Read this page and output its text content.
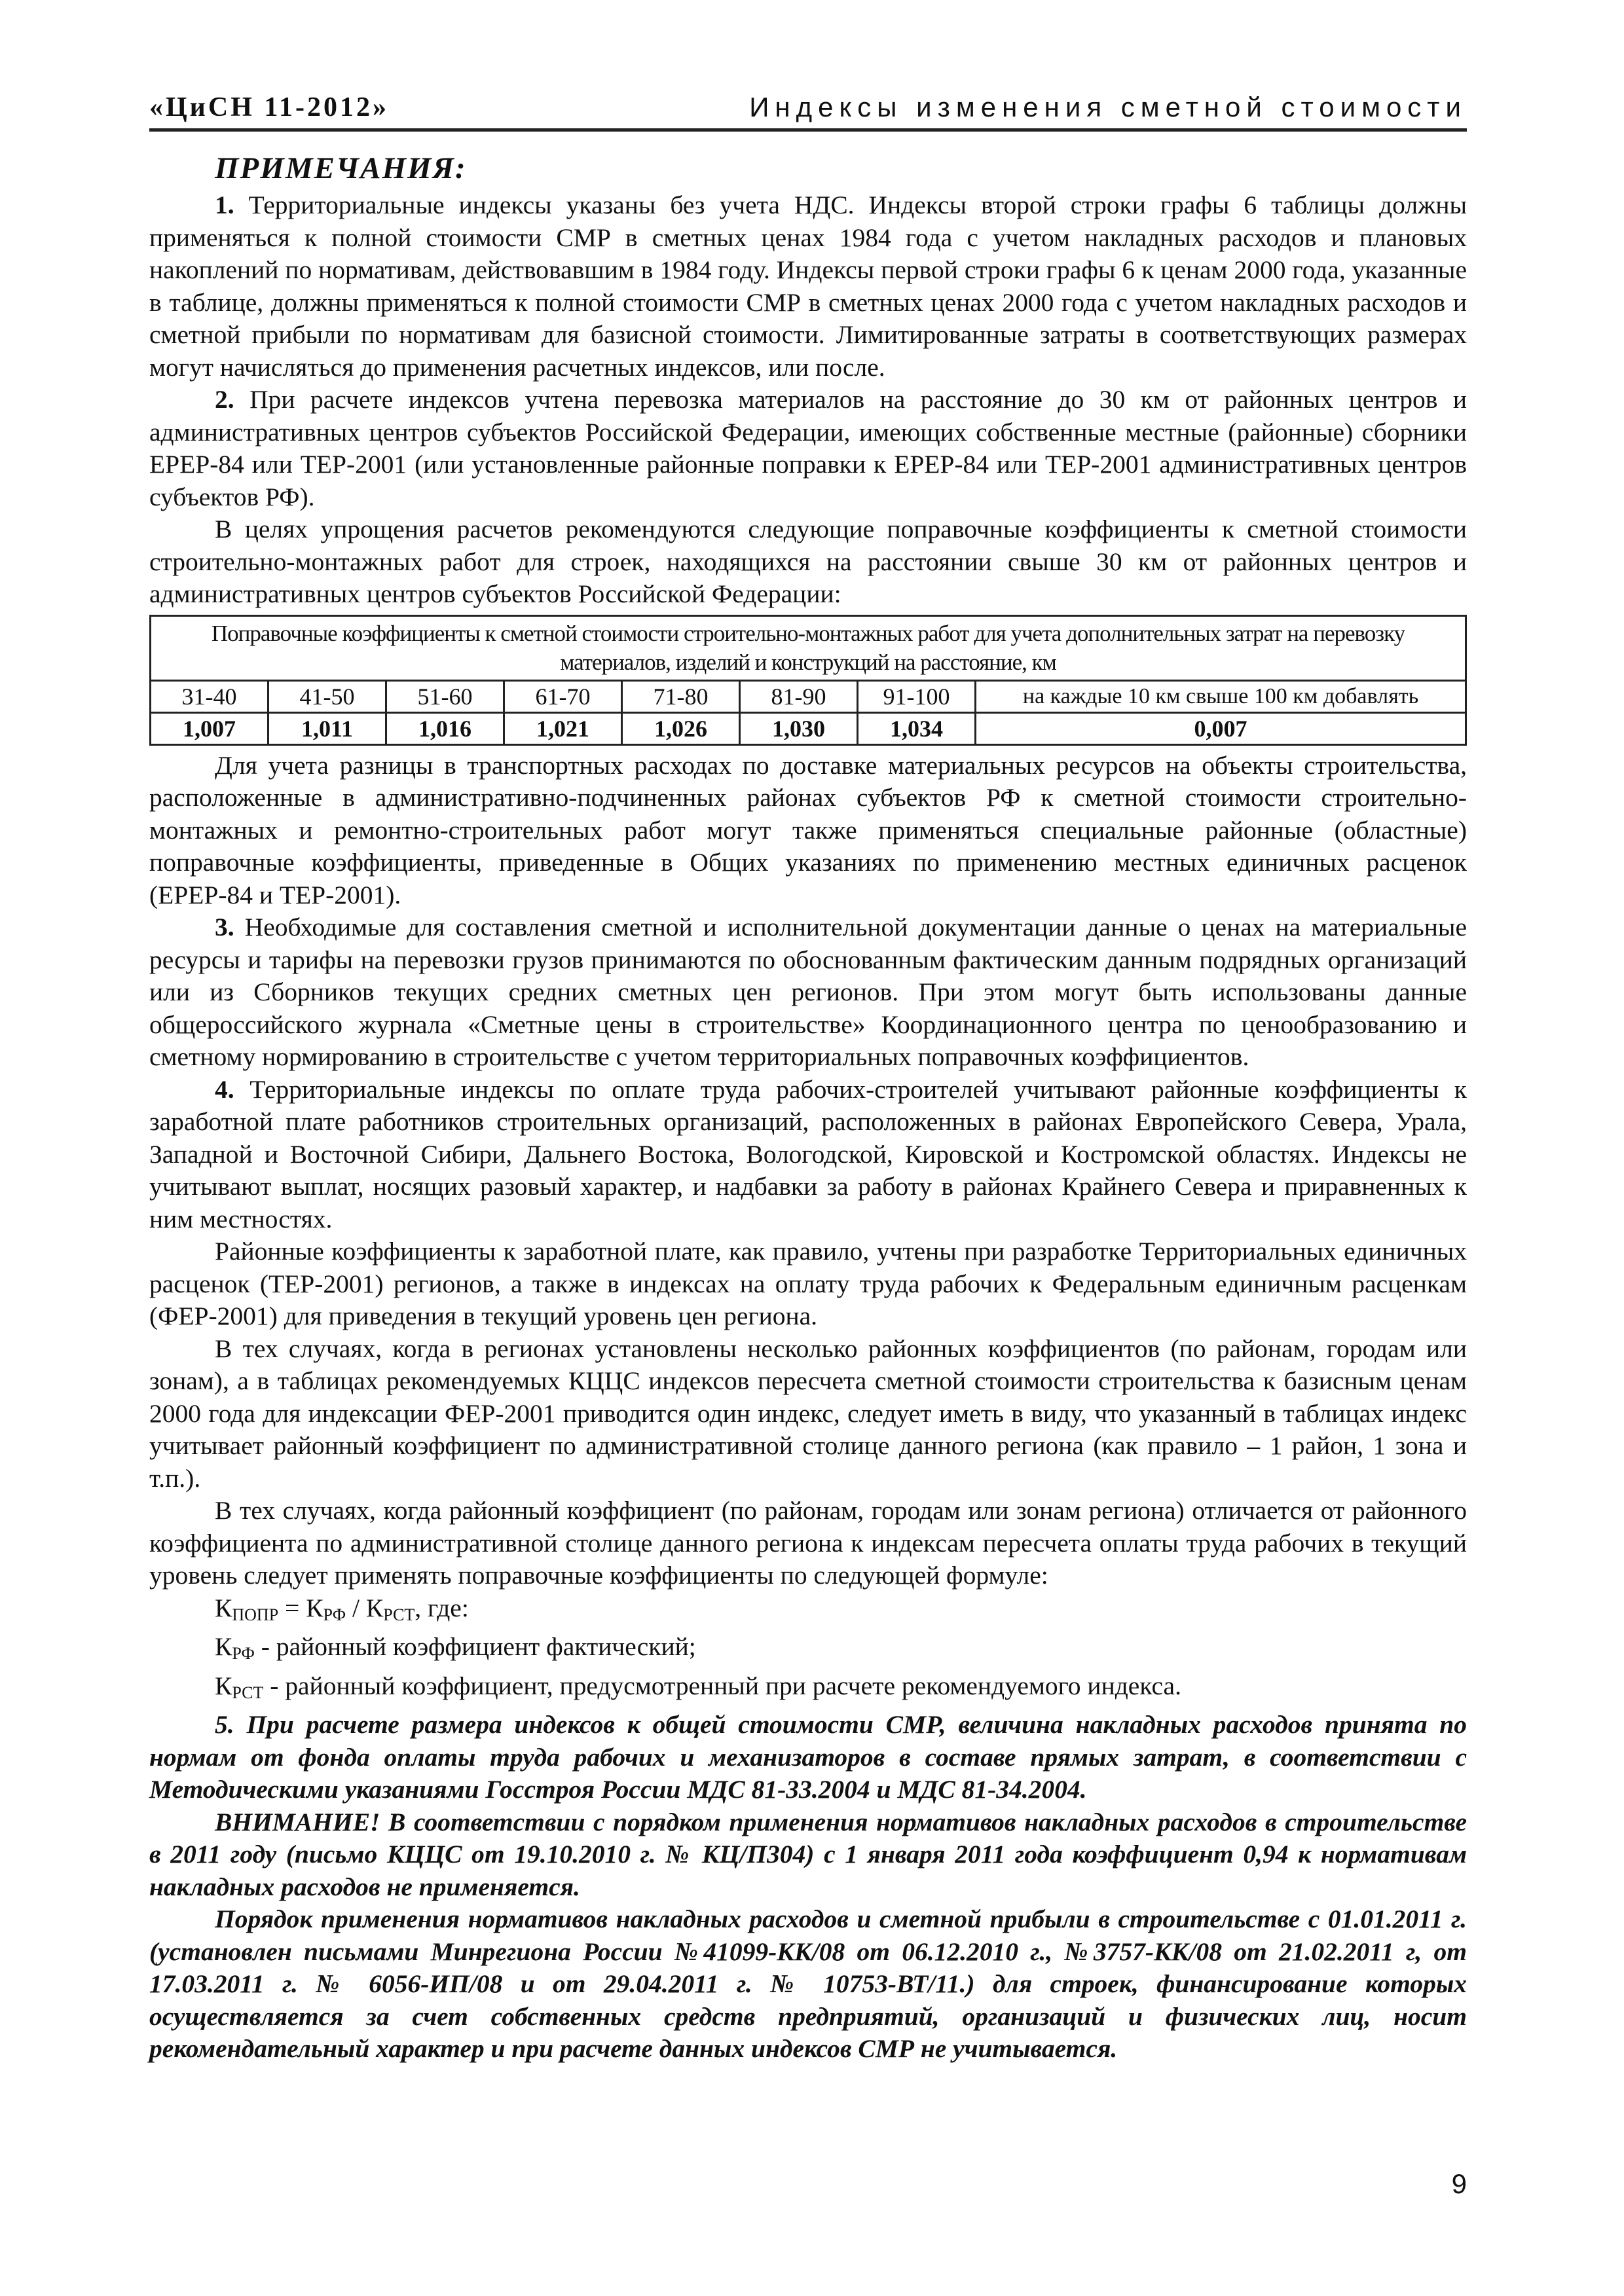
«ЦиСН 11-2012»	Индексы изменения сметной стоимости
ПРИМЕЧАНИЯ:

1. Территориальные индексы указаны без учета НДС. Индексы второй строки графы 6 таблицы должны применяться к полной стоимости СМР в сметных ценах 1984 года с учетом накладных расходов и плановых накоплений по нормативам, действовавшим в 1984 году. Индексы первой строки графы 6 к ценам 2000 года, указанные в таблице, должны применяться к полной стоимости СМР в сметных ценах 2000 года с учетом накладных расходов и сметной прибыли по нормативам для базисной стоимости. Лимитированные затраты в соответствующих размерах могут начисляться до применения расчетных индексов, или после.

2. При расчете индексов учтена перевозка материалов на расстояние до 30 км от районных центров и административных центров субъектов Российской Федерации, имеющих собственные местные (районные) сборники ЕРЕР-84 или ТЕР-2001 (или установленные районные поправки к ЕРЕР-84 или ТЕР-2001 административных центров субъектов РФ).

В целях упрощения расчетов рекомендуются следующие поправочные коэффициенты к сметной стоимости строительно-монтажных работ для строек, находящихся на расстоянии свыше 30 км от районных центров и административных центров субъектов Российской Федерации:

Поправочные коэффициенты к сметной стоимости строительно-монтажных работ для учета дополнительных затрат на перевозку материалов, изделий и конструкций на расстояние, км							
31-40	41-50	51-60	61-70	71-80	81-90	91-100	на каждые 10 км свыше 100 км добавлять
1,007	1,011	1,016	1,021	1,026	1,030	1,034	0,007

Для учета разницы в транспортных расходах по доставке материальных ресурсов на объекты строительства, расположенные в административно-подчиненных районах субъектов РФ к сметной стоимости строительно-монтажных и ремонтно-строительных работ могут также применяться специальные районные (областные) поправочные коэффициенты, приведенные в Общих указаниях по применению местных единичных расценок (ЕРЕР-84 и ТЕР-2001).

3. Необходимые для составления сметной и исполнительной документации данные о ценах на материальные ресурсы и тарифы на перевозки грузов принимаются по обоснованным фактическим данным подрядных организаций или из Сборников текущих средних сметных цен регионов. При этом могут быть использованы данные общероссийского журнала «Сметные цены в строительстве» Координационного центра по ценообразованию и сметному нормированию в строительстве с учетом территориальных поправочных коэффициентов.

4. Территориальные индексы по оплате труда рабочих-строителей учитывают районные коэффициенты к заработной плате работников строительных организаций, расположенных в районах Европейского Севера, Урала, Западной и Восточной Сибири, Дальнего Востока, Вологодской, Кировской и Костромской областях. Индексы не учитывают выплат, носящих разовый характер, и надбавки за работу в районах Крайнего Севера и приравненных к ним местностях.

Районные коэффициенты к заработной плате, как правило, учтены при разработке Территориальных единичных расценок (ТЕР-2001) регионов, а также в индексах на оплату труда рабочих к Федеральным единичным расценкам (ФЕР-2001) для приведения в текущий уровень цен региона.

В тех случаях, когда в регионах установлены несколько районных коэффициентов (по районам, городам или зонам), а в таблицах рекомендуемых КЦЦС индексов пересчета сметной стоимости строительства к базисным ценам 2000 года для индексации ФЕР-2001 приводится один индекс, следует иметь в виду, что указанный в таблицах индекс учитывает районный коэффициент по административной столице данного региона (как правило – 1 район, 1 зона и т.п.).

В тех случаях, когда районный коэффициент (по районам, городам или зонам региона) отличается от районного коэффициента по административной столице данного региона к индексам пересчета оплаты труда рабочих в текущий уровень следует применять поправочные коэффициенты по следующей формуле:

$К_{ПОПР} = К_{РФ} / К_{РСТ}$, где:

$К_{РФ}$ - районный коэффициент фактический;

$К_{РСТ}$ - районный коэффициент, предусмотренный при расчете рекомендуемого индекса.

5. При расчете размера индексов к общей стоимости СМР, величина накладных расходов принята по нормам от фонда оплаты труда рабочих и механизаторов в составе прямых затрат, в соответствии с Методическими указаниями Госстроя России МДС 81-33.2004 и МДС 81-34.2004.

ВНИМАНИЕ! В соответствии с порядком применения нормативов накладных расходов в строительстве в 2011 году (письмо КЦЦС от 19.10.2010 г. № КЦ/П304) с 1 января 2011 года коэффициент 0,94 к нормативам накладных расходов не применяется.

Порядок применения нормативов накладных расходов и сметной прибыли в строительстве с 01.01.2011 г. (установлен письмами Минрегиона России №41099-КК/08 от 06.12.2010 г., №3757-КК/08 от 21.02.2011 г, от 17.03.2011 г. № 6056-ИП/08 и от 29.04.2011 г. № 10753-ВТ/11.) для строек, финансирование которых осуществляется за счет собственных средств предприятий, организаций и физических лиц, носит рекомендательный характер и при расчете данных индексов СМР не учитывается.

9
